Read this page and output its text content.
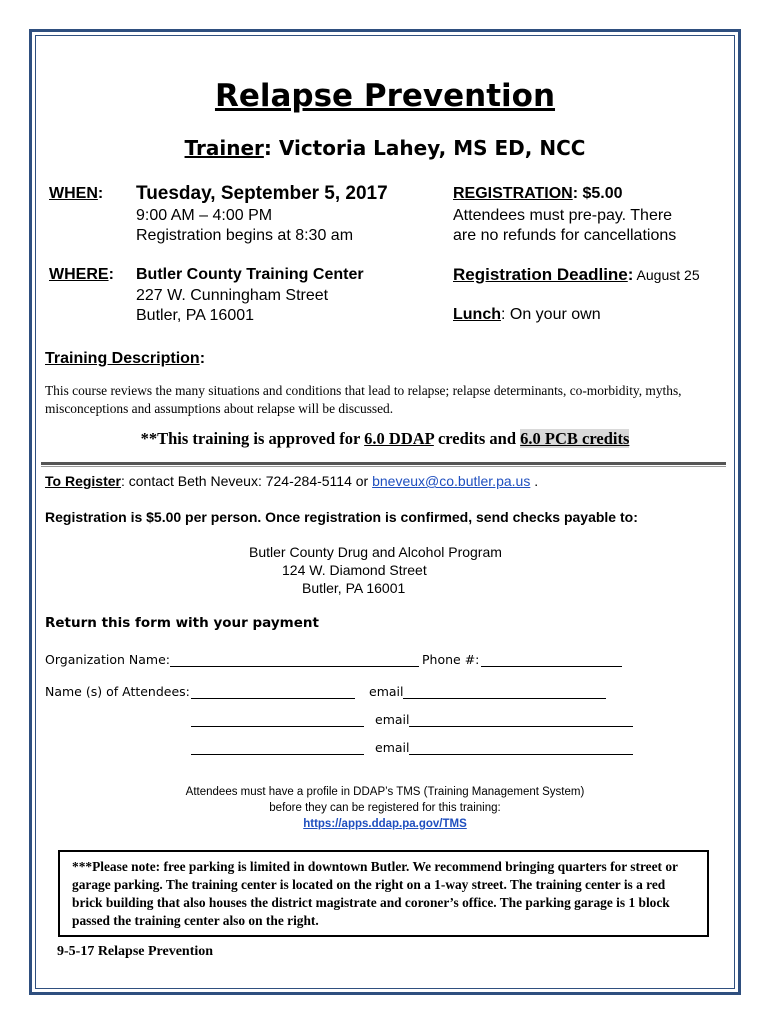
Relapse Prevention
Trainer: Victoria Lahey, MS ED, NCC
WHEN: Tuesday, September 5, 2017
9:00 AM – 4:00 PM
Registration begins at 8:30 am
REGISTRATION: $5.00
Attendees must pre-pay. There
are no refunds for cancellations
WHERE: Butler County Training Center
227 W. Cunningham Street
Butler, PA 16001
Registration Deadline: August 25
Lunch: On your own
Training Description:
This course reviews the many situations and conditions that lead to relapse; relapse determinants, co-morbidity, myths, misconceptions and assumptions about relapse will be discussed.
**This training is approved for 6.0 DDAP credits and 6.0 PCB credits
To Register: contact Beth Neveux: 724-284-5114 or bneveux@co.butler.pa.us .
Registration is $5.00 per person. Once registration is confirmed, send checks payable to:
Butler County Drug and Alcohol Program
124 W. Diamond Street
Butler, PA 16001
Return this form with your payment
Organization Name:	Phone #:
Name (s) of Attendees:	email
email
email
Attendees must have a profile in DDAP’s TMS (Training Management System)
before they can be registered for this training:
https://apps.ddap.pa.gov/TMS
***Please note: free parking is limited in downtown Butler. We recommend bringing quarters for street or garage parking. The training center is located on the right on a 1-way street. The training center is a red brick building that also houses the district magistrate and coroner’s office. The parking garage is 1 block passed the training center also on the right.
9-5-17 Relapse Prevention
